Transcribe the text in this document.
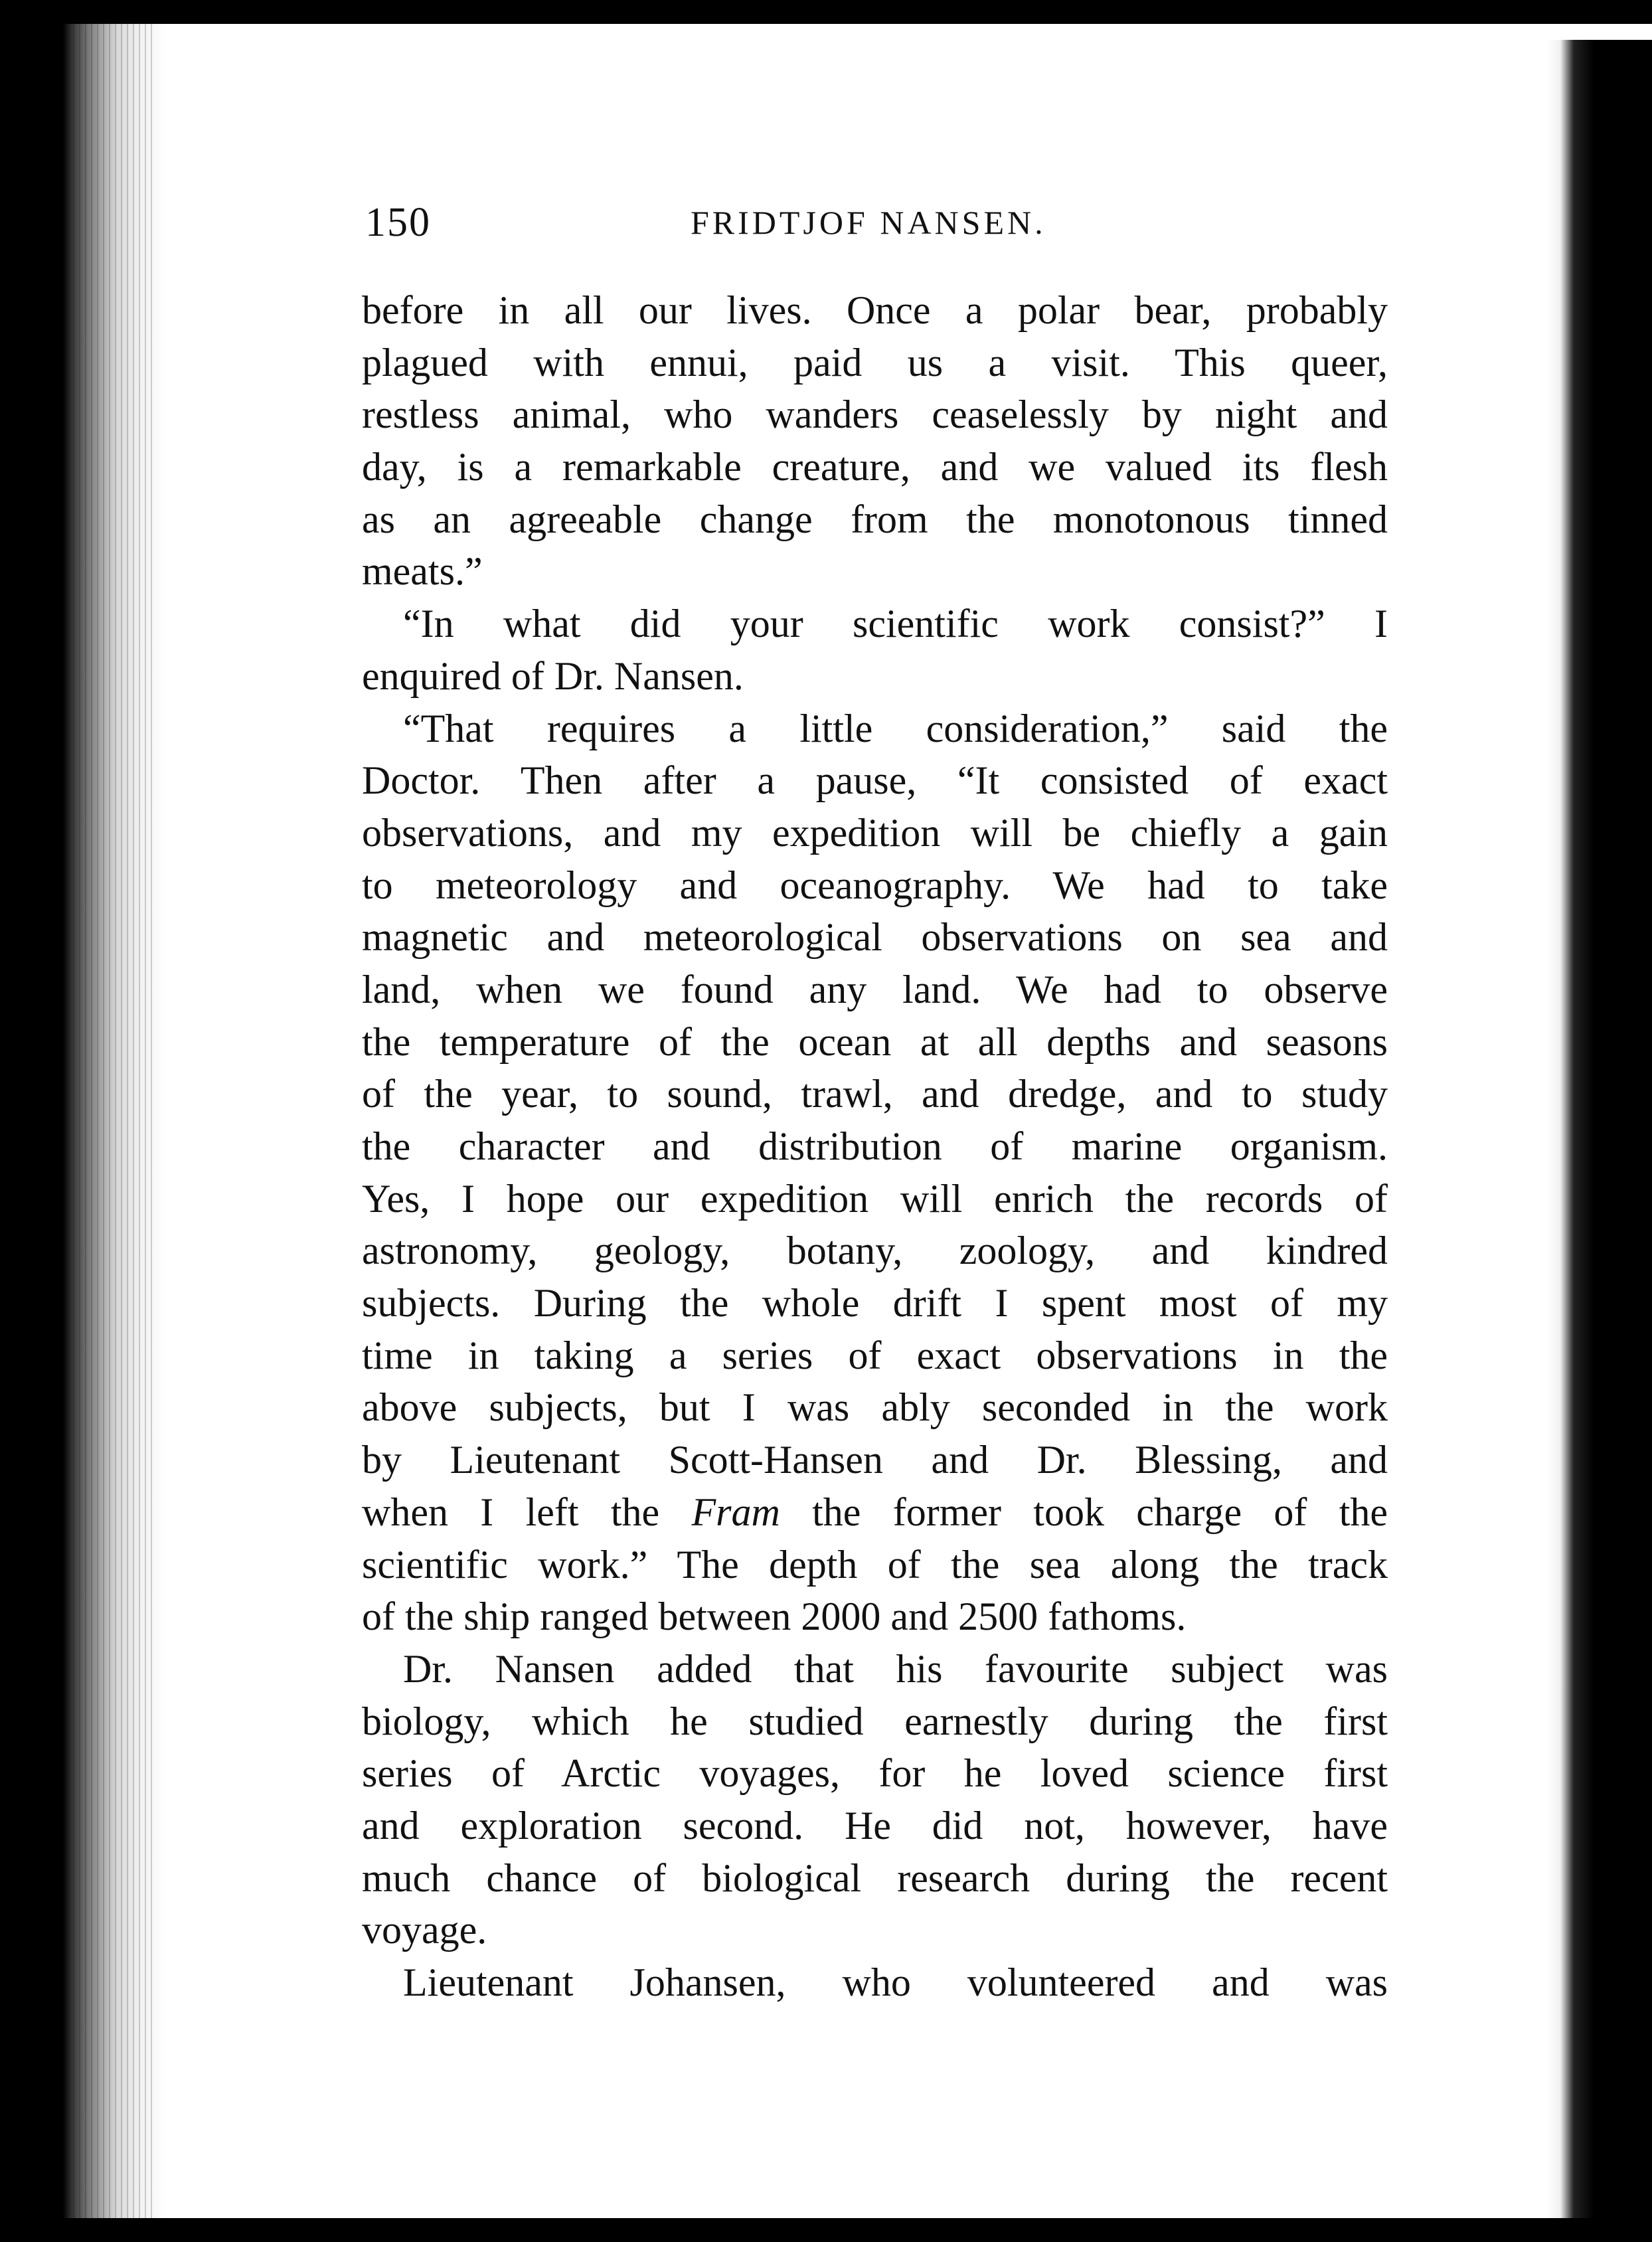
150	FRIDTJOF NANSEN.
before in all our lives. Once a polar bear, probably
plagued with ennui, paid us a visit. This queer,
restless animal, who wanders ceaselessly by night and
day, is a remarkable creature, and we valued its flesh
as an agreeable change from the monotonous tinned
meats.”
“In what did your scientific work consist?” I
enquired of Dr. Nansen.
“That requires a little consideration,” said the
Doctor. Then after a pause, “It consisted of exact
observations, and my expedition will be chiefly a gain
to meteorology and oceanography. We had to take
magnetic and meteorological observations on sea and
land, when we found any land. We had to observe
the temperature of the ocean at all depths and seasons
of the year, to sound, trawl, and dredge, and to study
the character and distribution of marine organism.
Yes, I hope our expedition will enrich the records of
astronomy, geology, botany, zoology, and kindred
subjects. During the whole drift I spent most of my
time in taking a series of exact observations in the
above subjects, but I was ably seconded in the work
by Lieutenant Scott-Hansen and Dr. Blessing, and
when I left the Fram the former took charge of the
scientific work.” The depth of the sea along the track
of the ship ranged between 2000 and 2500 fathoms.
Dr. Nansen added that his favourite subject was
biology, which he studied earnestly during the first
series of Arctic voyages, for he loved science first
and exploration second. He did not, however, have
much chance of biological research during the recent
voyage.
Lieutenant Johansen, who volunteered and was
